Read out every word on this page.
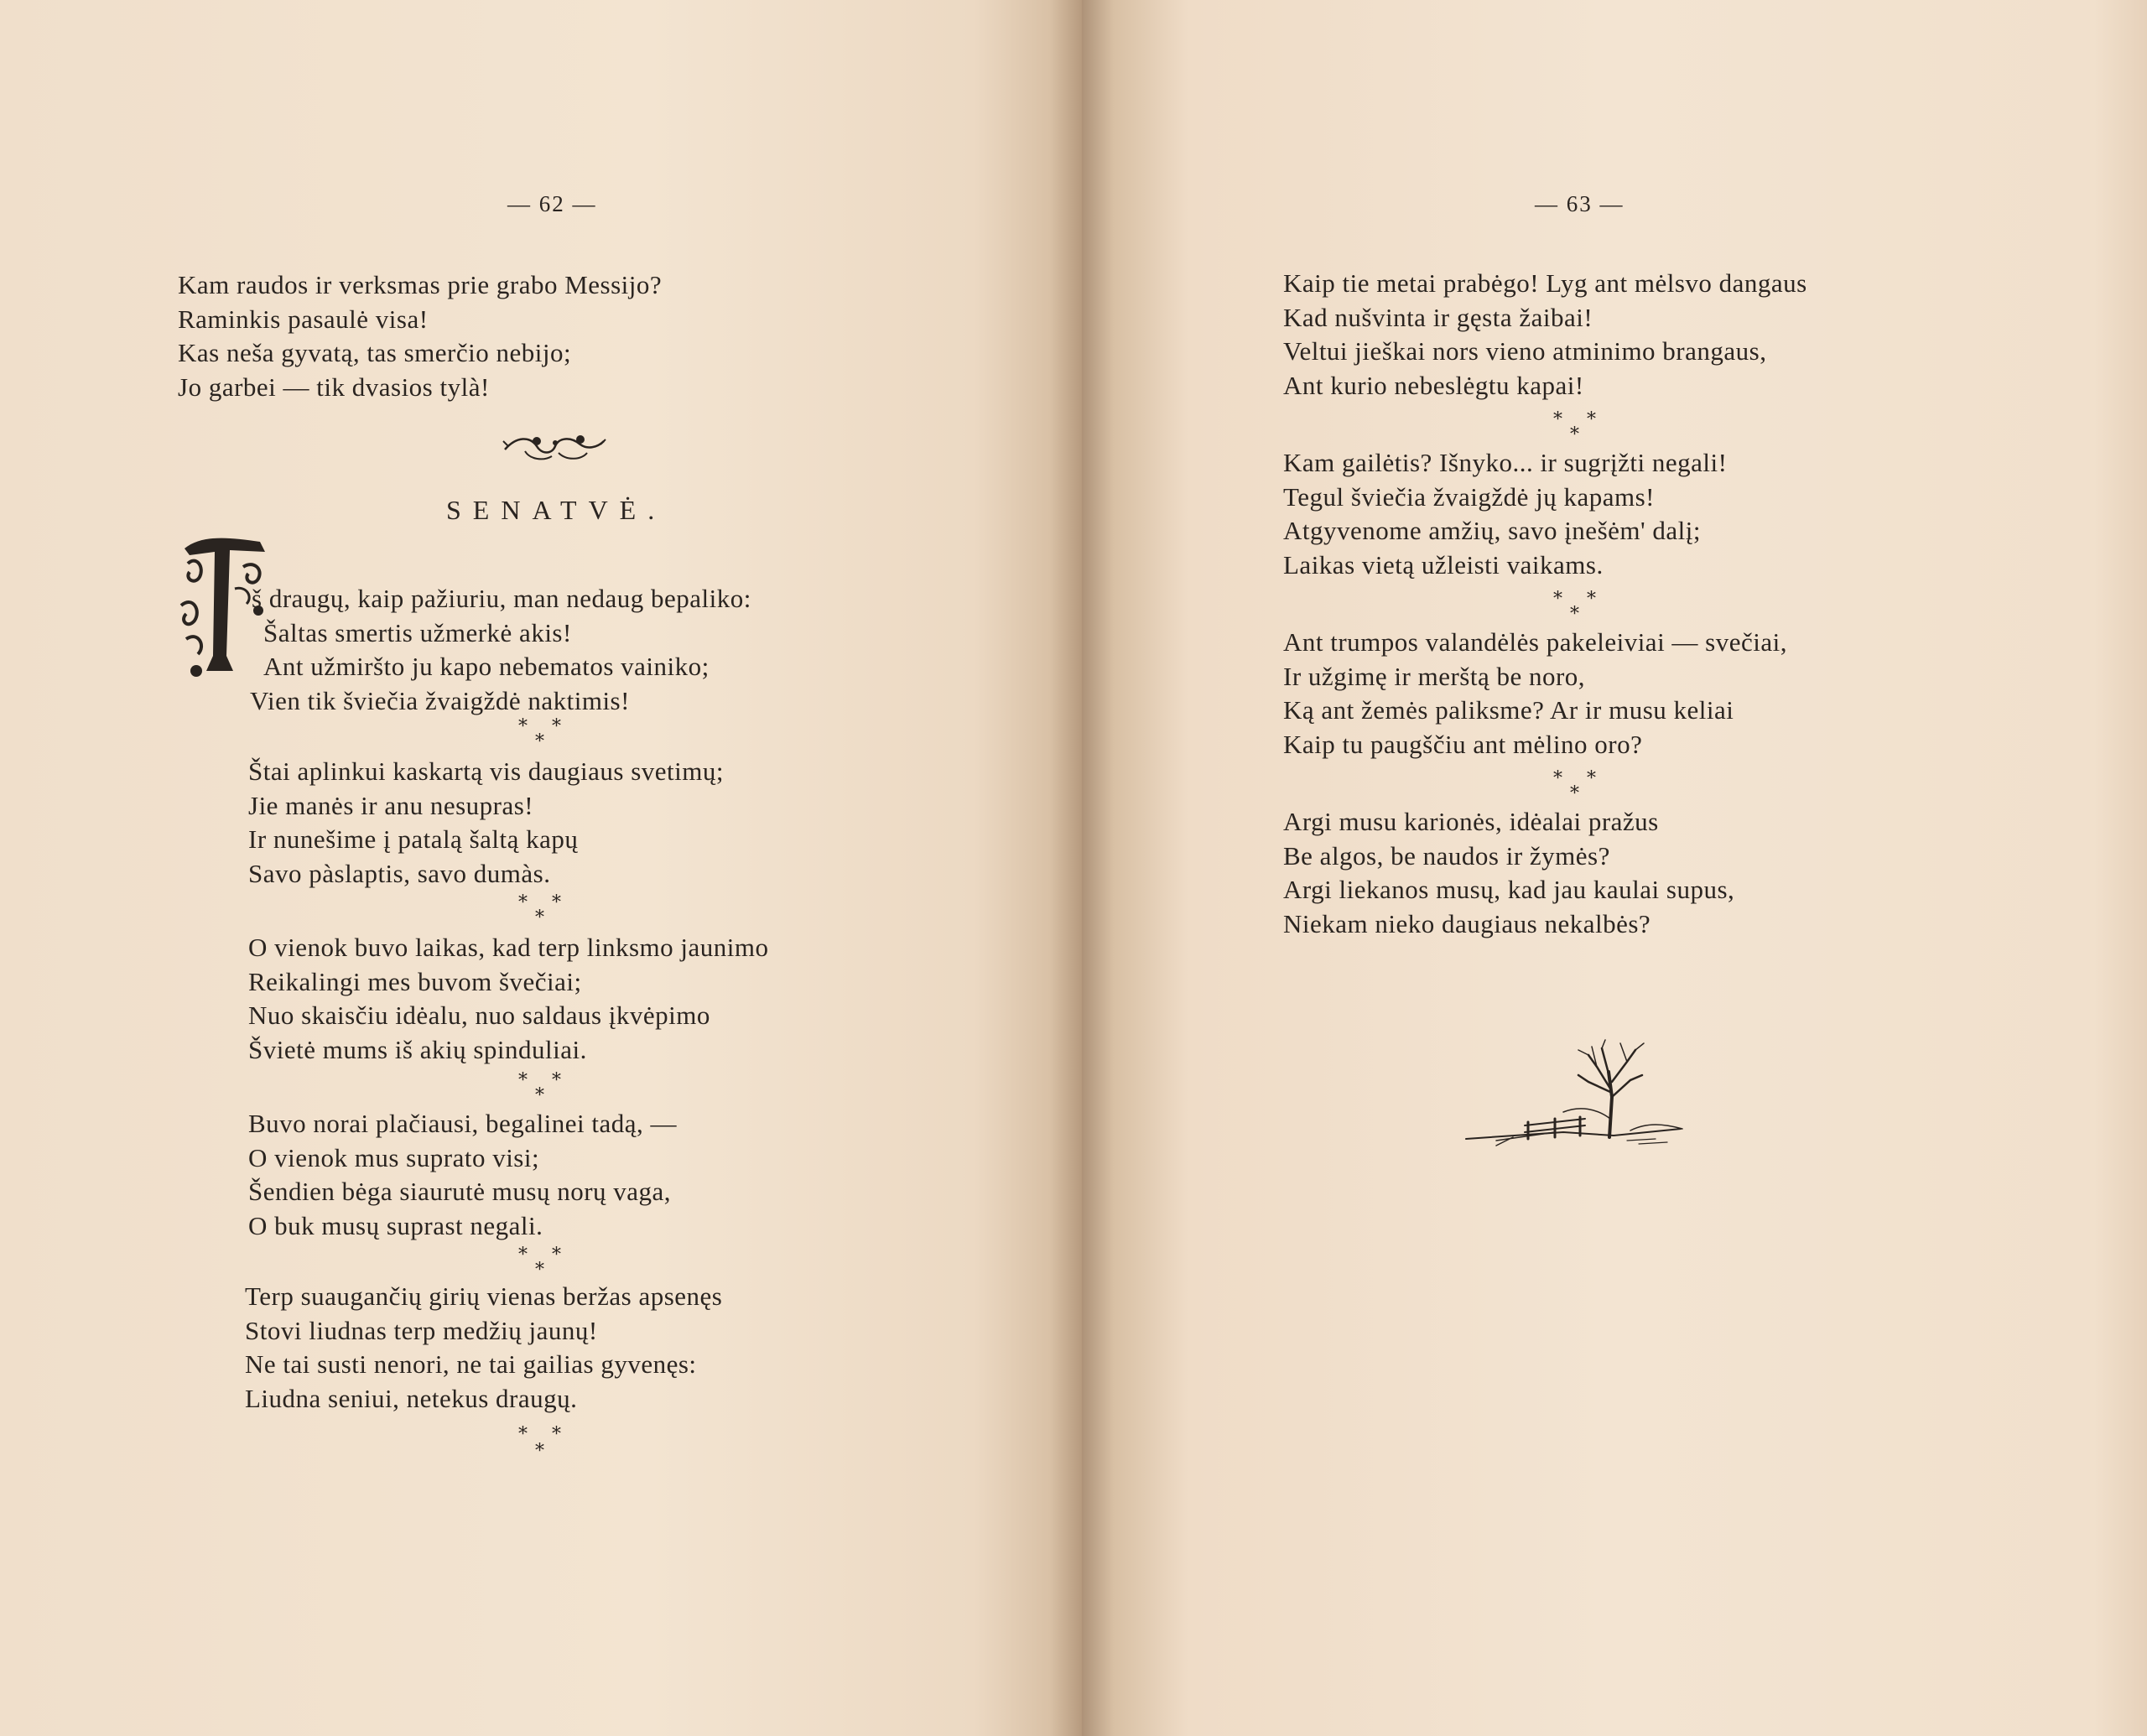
— 62 —
Kam raudos ir verksmas prie grabo Messijo?
Raminkis pasaulė visa!
Kas neša gyvatą, tas smerčio nebijo;
Jo garbei — tik dvasios tylà!
SENATVĖ.
š draugų, kaip pažiuriu, man nedaug bepaliko:
Šaltas smertis užmerkė akis!
Ant užmiršto ju kapo nebematos vainiko;
Vien tik šviečia žvaigždė naktimis!
* *
*
Štai aplinkui kaskartą vis daugiaus svetimų;
Jie manės ir anu nesupras!
Ir nunešime į patalą šaltą kapų
Savo pàslaptis, savo dumàs.
* *
*
O vienok buvo laikas, kad terp linksmo jaunimo
Reikalingi mes buvom švečiai;
Nuo skaisčiu idėalu, nuo saldaus įkvėpimo
Švietė mums iš akių spinduliai.
* *
*
Buvo norai plačiausi, begalinei tadą, —
O vienok mus suprato visi;
Šendien bėga siaurutė musų norų vaga,
O buk musų suprast negali.
* *
*
Terp suaugančių girių vienas beržas apsenęs
Stovi liudnas terp medžių jaunų!
Ne tai susti nenori, ne tai gailias gyvenęs:
Liudna seniui, netekus draugų.
* *
*
— 63 —
Kaip tie metai prabėgo! Lyg ant mėlsvo dangaus
Kad nušvinta ir gęsta žaibai!
Veltui jieškai nors vieno atminimo brangaus,
Ant kurio nebeslėgtu kapai!
* *
*
Kam gailėtis? Išnyko... ir sugrįžti negali!
Tegul šviečia žvaigždė jų kapams!
Atgyvenome amžių, savo įnešėm' dalį;
Laikas vietą užleisti vaikams.
* *
*
Ant trumpos valandėlės pakeleiviai — svečiai,
Ir užgimę ir merštą be noro,
Ką ant žemės paliksme? Ar ir musu keliai
Kaip tu paugščiu ant mėlino oro?
* *
*
Argi musu karionės, idėalai pražus
Be algos, be naudos ir žymės?
Argi liekanos musų, kad jau kaulai supus,
Niekam nieko daugiaus nekalbės?
